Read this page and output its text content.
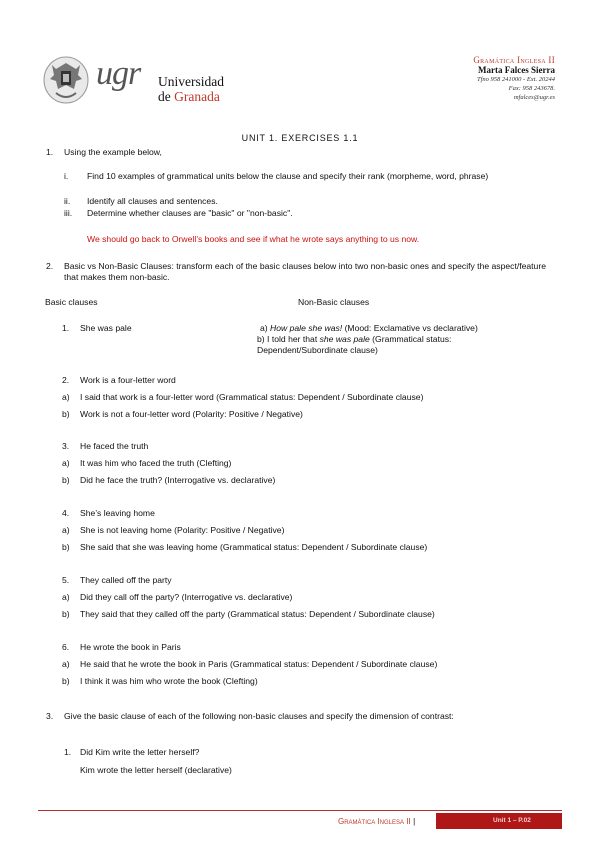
ugr Universidad
de Granada
Gramática Inglesa II
Marta Falces Sierra
Tfno 958 241000 - Ext. 20244
Fax: 958 243678.
mfalces@ugr.es
UNIT 1. EXERCISES 1.1
1. Using the example below,
i. Find 10 examples of grammatical units below the clause and specify their rank (morpheme, word, phrase)
ii. Identify all clauses and sentences.
iii. Determine whether clauses are "basic" or "non-basic".
We should go back to Orwell’s books and see if what he wrote says anything to us now.
2. Basic vs Non-Basic Clauses: transform each of the basic clauses below into two non-basic ones and specify the aspect/feature that makes them non-basic.
Basic clauses	Non-Basic clauses
1. She was pale	a) How pale she was! (Mood: Exclamative vs declarative)
b) I told her that she was pale (Grammatical status:
Dependent/Subordinate clause)
2. Work is a four-letter word
a) I said that work is a four-letter word (Grammatical status: Dependent / Subordinate clause)
b) Work is not a four-letter word (Polarity: Positive / Negative)
3. He faced the truth
a) It was him who faced the truth (Clefting)
b) Did he face the truth? (Interrogative vs. declarative)
4. She’s leaving home
a) She is not leaving home (Polarity: Positive / Negative)
b) She said that she was leaving home (Grammatical status: Dependent / Subordinate clause)
5. They called off the party
a) Did they call off the party? (Interrogative vs. declarative)
b) They said that they called off the party (Grammatical status: Dependent / Subordinate clause)
6. He wrote the book in Paris
a) He said that he wrote the book in Paris (Grammatical status: Dependent / Subordinate clause)
b) I think it was him who wrote the book (Clefting)
3. Give the basic clause of each of the following non-basic clauses and specify the dimension of contrast:
1. Did Kim write the letter herself?
Kim wrote the letter herself (declarative)
Gramática Inglesa II |	Unit 1 – P.02
